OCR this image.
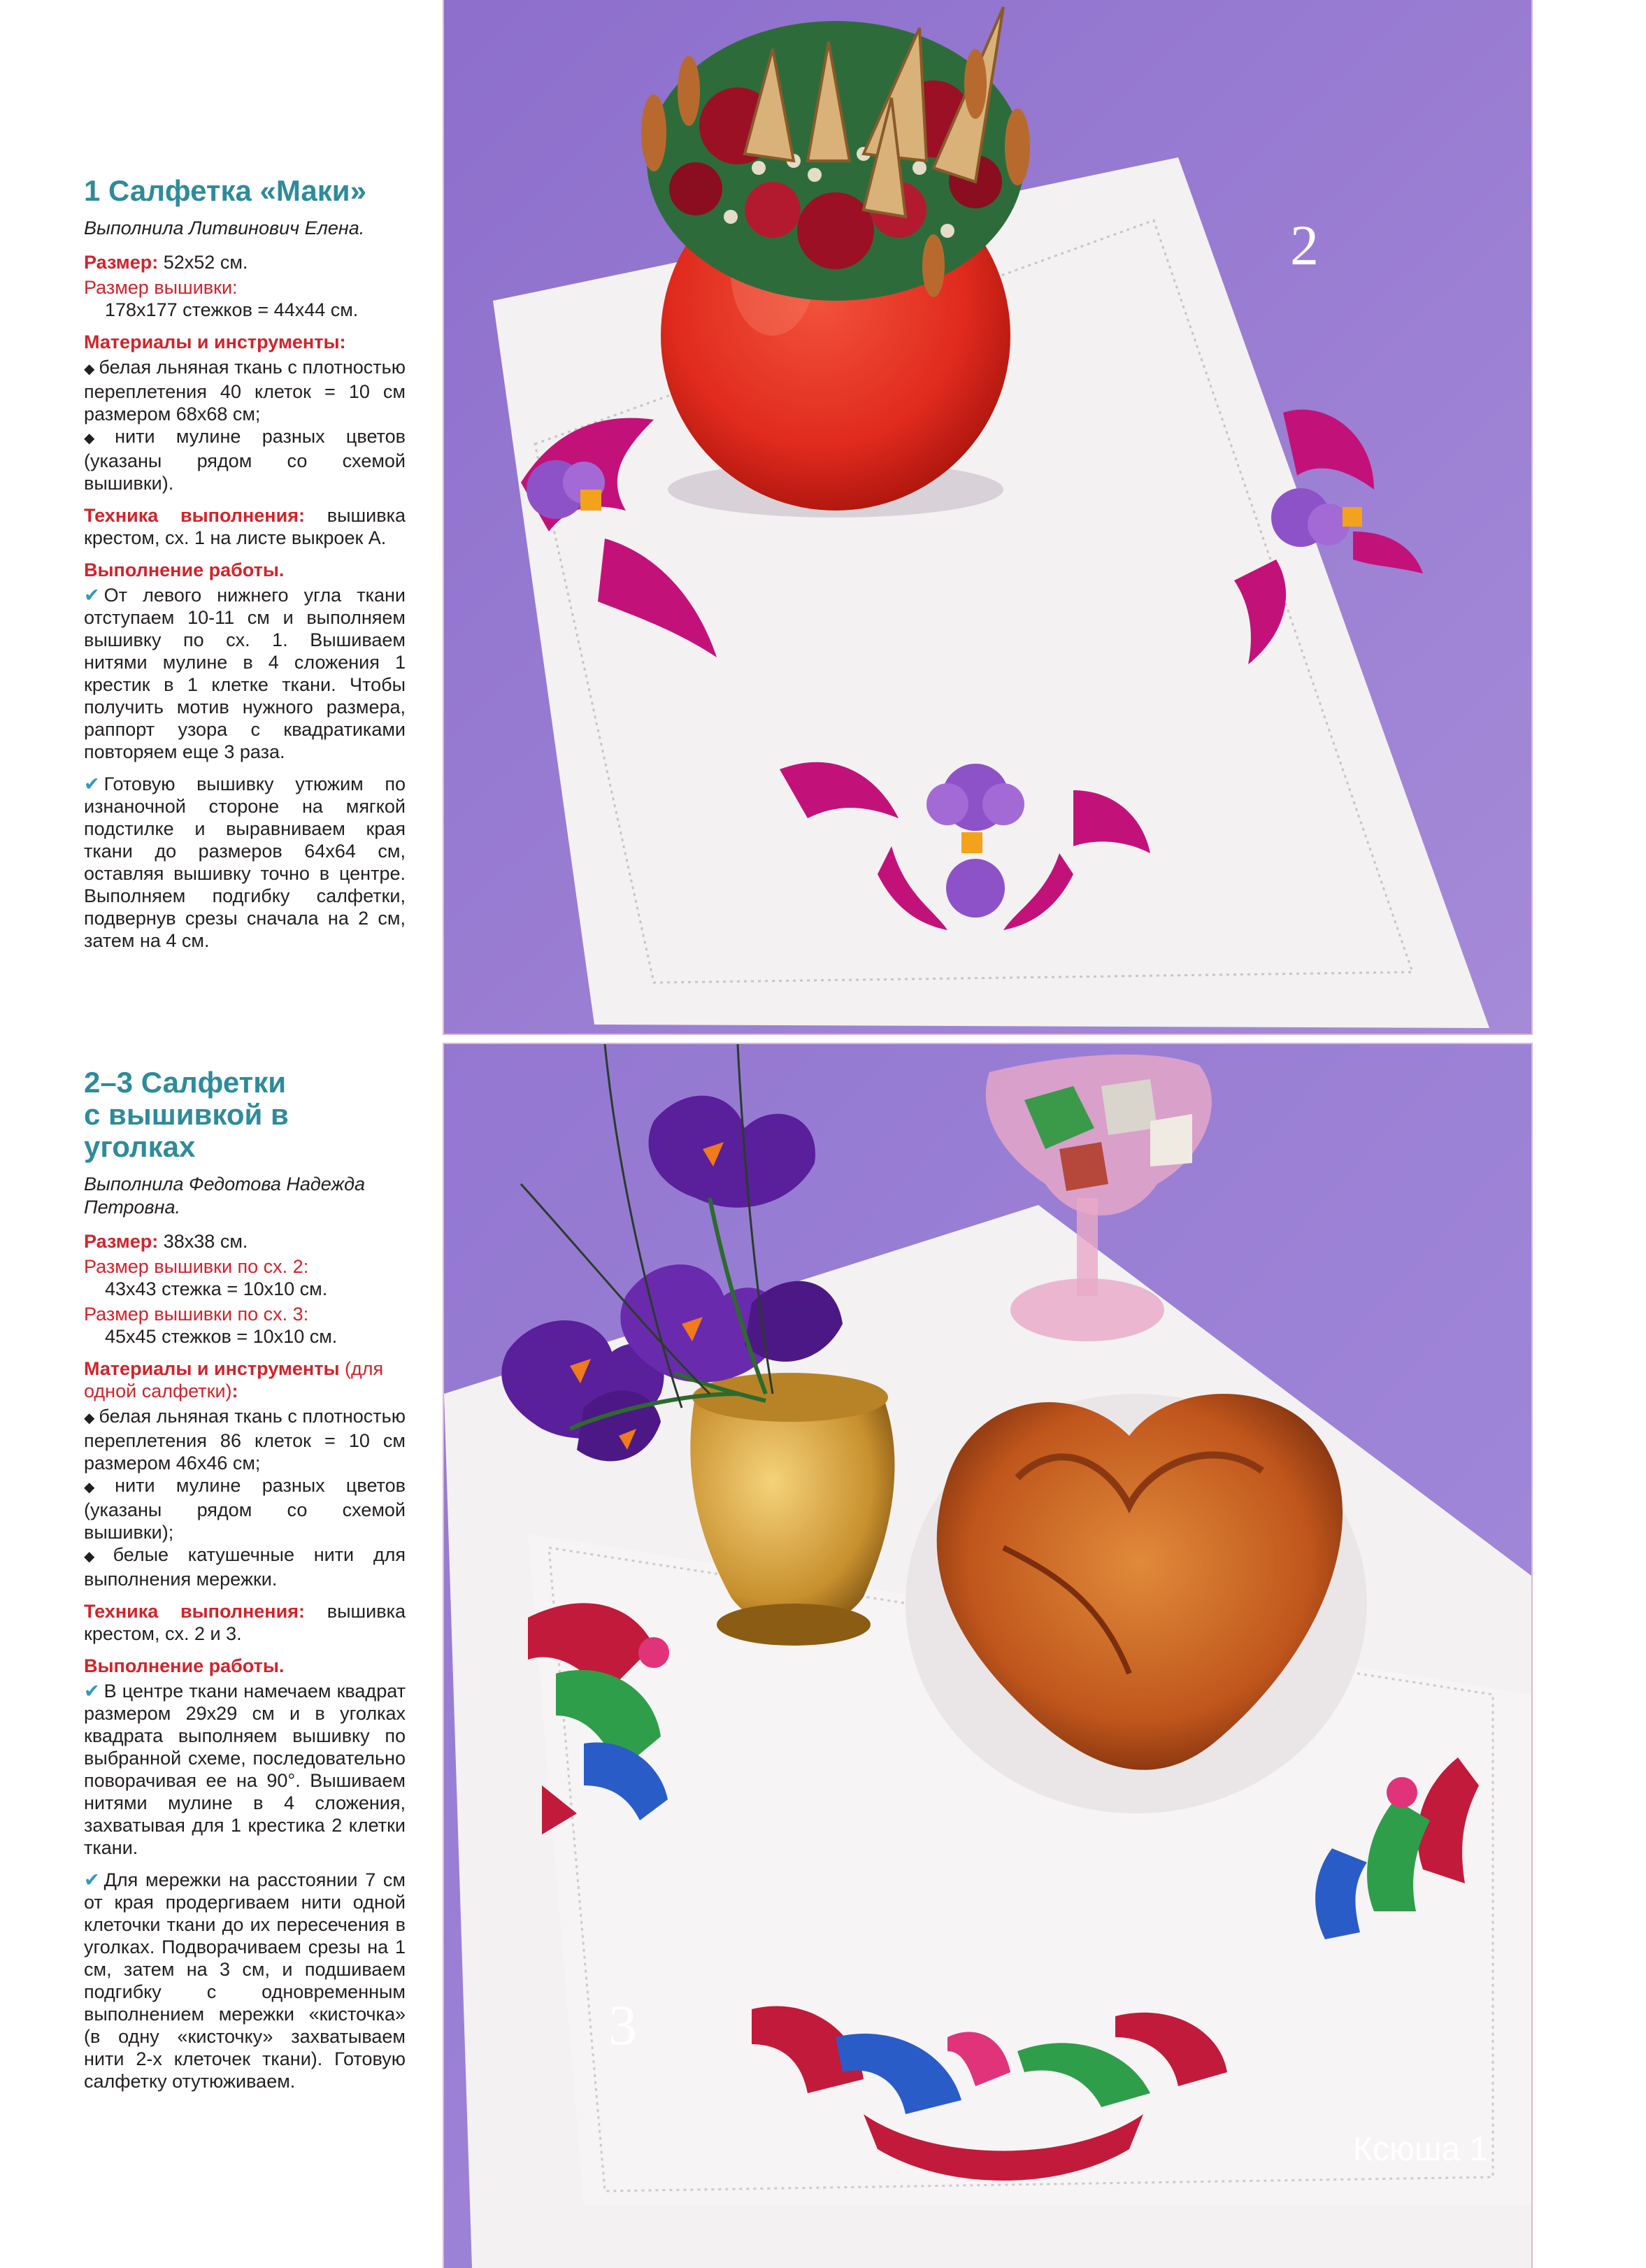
1 Салфетка «Маки»
Выполнила Литвинович Елена.

Размер: 52х52 см.

Размер вышивки:
178х177 стежков = 44х44 см.
Материалы и инструменты:
◆ белая льняная ткань с плотностью переплетения 40 клеток = 10 см размером 68х68 см;
◆ нити мулине разных цветов (указаны рядом со схемой вышивки).

Техника выполнения: вышивка крестом, сх. 1 на листе выкроек А.

Выполнение работы.

✔ От левого нижнего угла ткани отступаем 10-11 см и выполняем вышивку по сх. 1. Вышиваем нитями мулине в 4 сложения 1 крестик в 1 клетке ткани. Чтобы получить мотив нужного размера, раппорт узора с квадратиками повторяем еще 3 раза.

✔ Готовую вышивку утюжим по изнаночной стороне на мягкой подстилке и выравниваем края ткани до размеров 64х64 см, оставляя вышивку точно в центре. Выполняем подгибку салфетки, подвернув срезы сначала на 2 см, затем на 4 см.

2–3 Салфетки
с вышивкой в уголках
Выполнила Федотова Надежда Петровна.

Размер: 38х38 см.

Размер вышивки по сх. 2:
43х43 стежка = 10х10 см.
Размер вышивки по сх. 3:
45х45 стежков = 10х10 см.
Материалы и инструменты (для одной салфетки):
◆ белая льняная ткань с плотностью переплетения 86 клеток = 10 см размером 46х46 см;
◆ нити мулине разных цветов (указаны рядом со схемой вышивки);
◆ белые катушечные нити для выполнения мережки.

Техника выполнения: вышивка крестом, сх. 2 и 3.

Выполнение работы.

✔ В центре ткани намечаем квадрат размером 29х29 см и в уголках квадрата выполняем вышивку по выбранной схеме, последовательно поворачивая ее на 90°. Вышиваем нитями мулине в 4 сложения, захватывая для 1 крестика 2 клетки ткани.

✔ Для мережки на расстоянии 7 см от края продергиваем нити одной клеточки ткани до их пересечения в уголках. Подворачиваем срезы на 1 см, затем на 3 см, и подшиваем подгибку с одновременным выполнением мережки «кисточка» (в одну «кисточку» захватываем нити 2-х клеточек ткани). Готовую салфетку отутюживаем.

2
3
Ксюша 1
